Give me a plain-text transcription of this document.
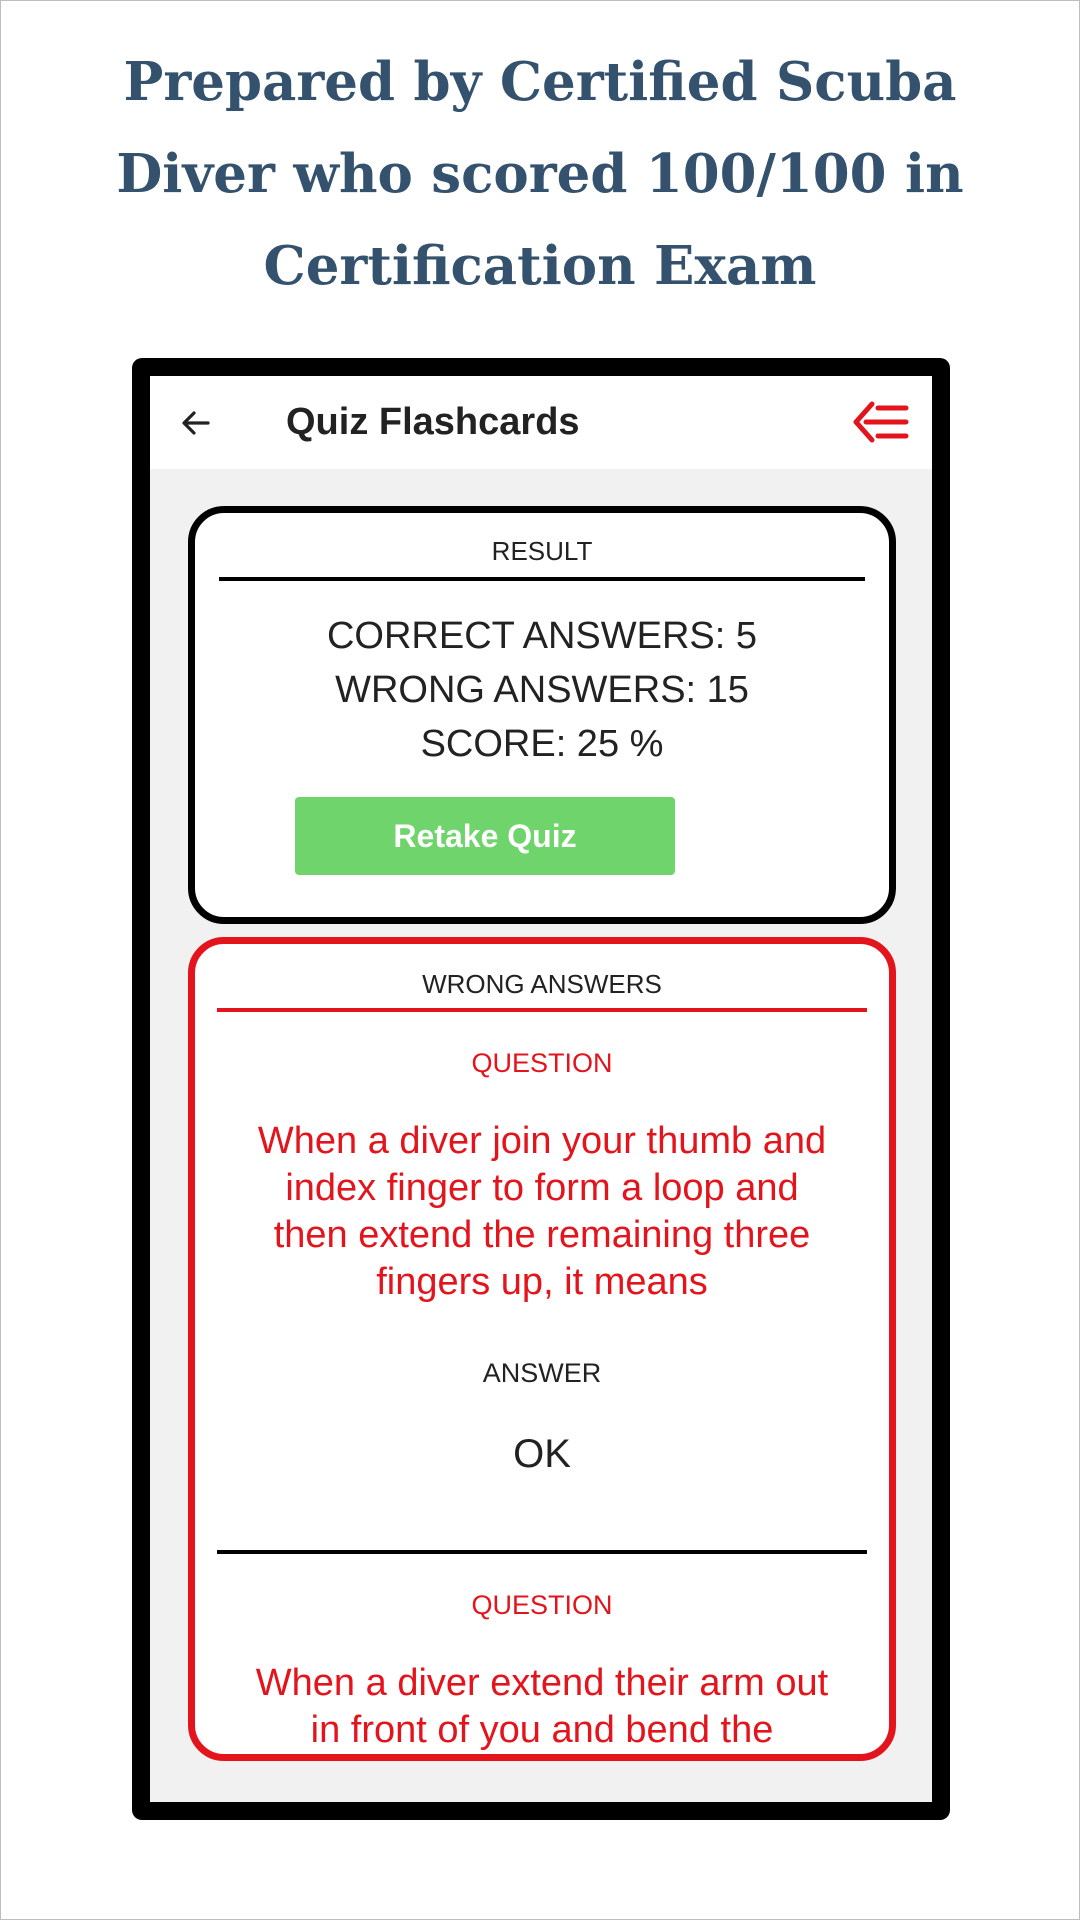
Prepared by Certified Scuba Diver who scored 100/100 in Certification Exam
Quiz Flashcards
RESULT
CORRECT ANSWERS: 5
WRONG ANSWERS: 15
SCORE: 25 %
Retake Quiz
WRONG ANSWERS
QUESTION
When a diver join your thumb and index finger to form a loop and then extend the remaining three fingers up, it means
ANSWER
OK
QUESTION
When a diver extend their arm out in front of you and bend the
